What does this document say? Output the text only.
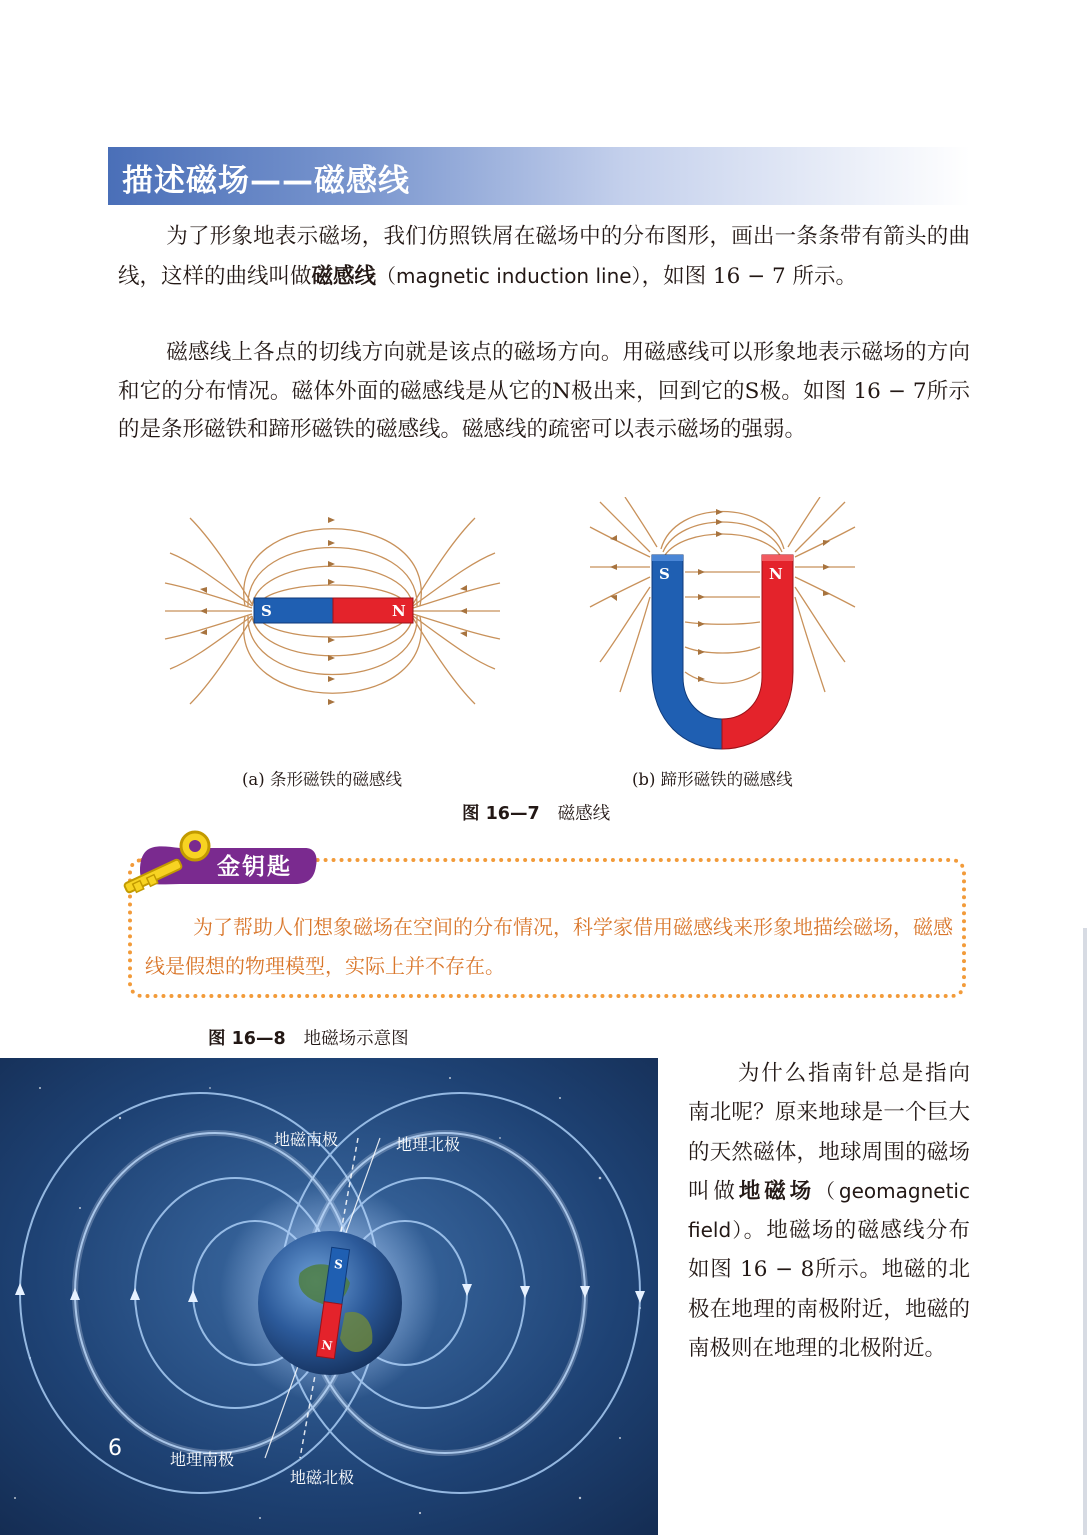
描述磁场——磁感线

为了形象地表示磁场，我们仿照铁屑在磁场中的分布图形，画出一条条带有箭头的曲线，这样的曲线叫做磁感线（magnetic induction line），如图 16 − 7 所示。

磁感线上各点的切线方向就是该点的磁场方向。用磁感线可以形象地表示磁场的方向和它的分布情况。磁体外面的磁感线是从它的N极出来，回到它的S极。如图 16 − 7所示的是条形磁铁和蹄形磁铁的磁感线。磁感线的疏密可以表示磁场的强弱。

S	N
(a) 条形磁铁的磁感线
S	N
(b) 蹄形磁铁的磁感线
图 16—7 磁感线
金钥匙

为了帮助人们想象磁场在空间的分布情况，科学家借用磁感线来形象地描绘磁场，磁感线是假想的物理模型，实际上并不存在。

图 16—8 地磁场示意图
S
N
地磁南极	地理北极
地理南极
地磁北极
6

为什么指南针总是指向南北呢？原来地球是一个巨大的天然磁体，地球周围的磁场叫做地磁场（geomagnetic field）。地磁场的磁感线分布如图 16 − 8所示。地磁的北极在地理的南极附近，地磁的南极则在地理的北极附近。
